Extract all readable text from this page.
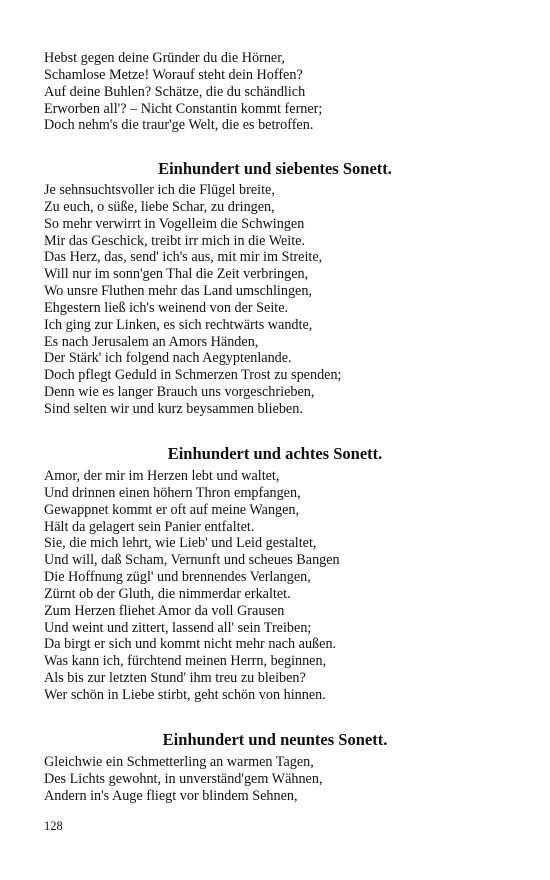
Hebst gegen deine Gründer du die Hörner,
Schamlose Metze! Worauf steht dein Hoffen?
Auf deine Buhlen? Schätze, die du schändlich
Erworben all'? – Nicht Constantin kommt ferner;
Doch nehm's die traur'ge Welt, die es betroffen.
Einhundert und siebentes Sonett.
Je sehnsuchtsvoller ich die Flügel breite,
Zu euch, o süße, liebe Schar, zu dringen,
So mehr verwirrt in Vogelleim die Schwingen
Mir das Geschick, treibt irr mich in die Weite.
Das Herz, das, send' ich's aus, mit mir im Streite,
Will nur im sonn'gen Thal die Zeit verbringen,
Wo unsre Fluthen mehr das Land umschlingen,
Ehgestern ließ ich's weinend von der Seite.
Ich ging zur Linken, es sich rechtwärts wandte,
Es nach Jerusalem an Amors Händen,
Der Stärk' ich folgend nach Aegyptenlande.
Doch pflegt Geduld in Schmerzen Trost zu spenden;
Denn wie es langer Brauch uns vorgeschrieben,
Sind selten wir und kurz beysammen blieben.
Einhundert und achtes Sonett.
Amor, der mir im Herzen lebt und waltet,
Und drinnen einen höhern Thron empfangen,
Gewappnet kommt er oft auf meine Wangen,
Hält da gelagert sein Panier entfaltet.
Sie, die mich lehrt, wie Lieb' und Leid gestaltet,
Und will, daß Scham, Vernunft und scheues Bangen
Die Hoffnung zügl' und brennendes Verlangen,
Zürnt ob der Gluth, die nimmerdar erkaltet.
Zum Herzen fliehet Amor da voll Grausen
Und weint und zittert, lassend all' sein Treiben;
Da birgt er sich und kommt nicht mehr nach außen.
Was kann ich, fürchtend meinen Herrn, beginnen,
Als bis zur letzten Stund' ihm treu zu bleiben?
Wer schön in Liebe stirbt, geht schön von hinnen.
Einhundert und neuntes Sonett.
Gleichwie ein Schmetterling an warmen Tagen,
Des Lichts gewohnt, in unverständ'gem Wähnen,
Andern in's Auge fliegt vor blindem Sehnen,
128
